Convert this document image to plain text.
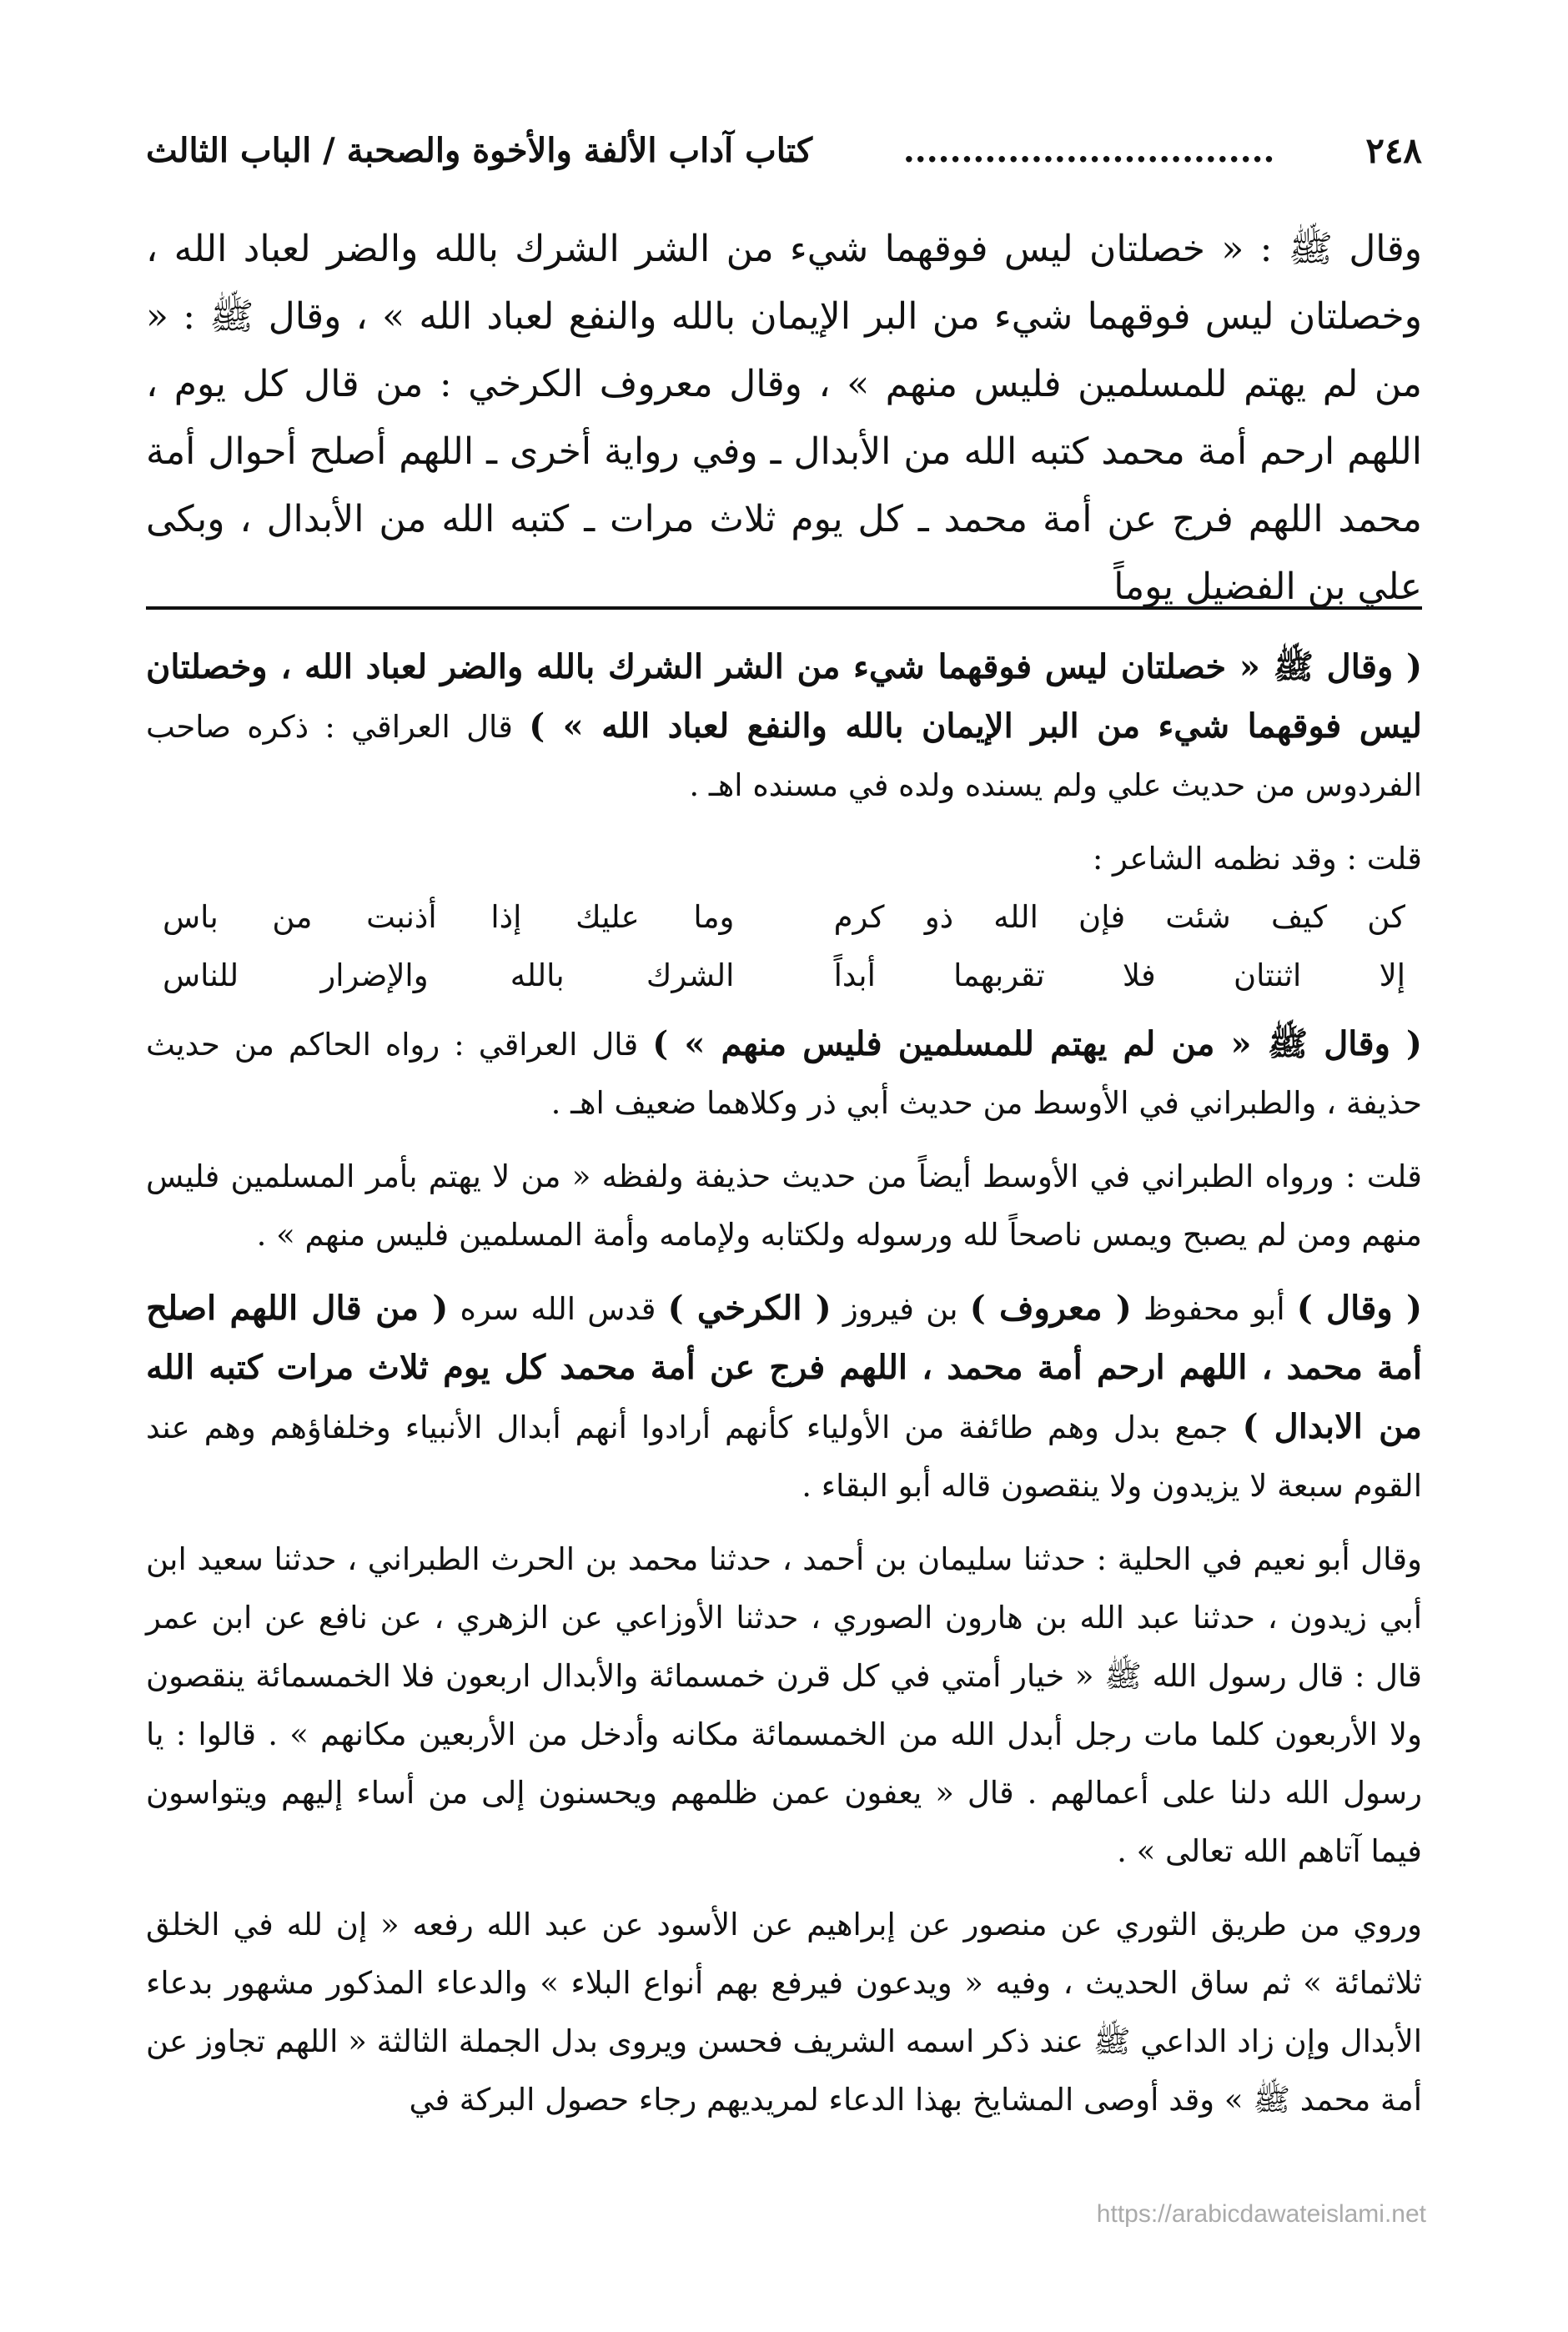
٢٤٨
................................
كتاب آداب الألفة والأخوة والصحبة / الباب الثالث

وقال ﷺ : « خصلتان ليس فوقهما شيء من الشر الشرك بالله والضر لعباد الله ، وخصلتان ليس فوقهما شيء من البر الإيمان بالله والنفع لعباد الله » ، وقال ﷺ : « من لم يهتم للمسلمين فليس منهم » ، وقال معروف الكرخي : من قال كل يوم ، اللهم ارحم أمة محمد كتبه الله من الأبدال ـ وفي رواية أخرى ـ اللهم أصلح أحوال أمة محمد اللهم فرج عن أمة محمد ـ كل يوم ثلاث مرات ـ كتبه الله من الأبدال ، وبكى علي بن الفضيل يوماً

( وقال ﷺ « خصلتان ليس فوقهما شيء من الشر الشرك بالله والضر لعباد الله ، وخصلتان ليس فوقهما شيء من البر الإيمان بالله والنفع لعباد الله » ) قال العراقي : ذكره صاحب الفردوس من حديث علي ولم يسنده ولده في مسنده اهـ .

قلت : وقد نظمه الشاعر :

كن كيف شئت فإن الله ذو كرم
وما عليك إذا أذنبت من باس
إلا اثنتان فلا تقربهما أبداً
الشرك بالله والإضرار للناس

( وقال ﷺ « من لم يهتم للمسلمين فليس منهم » ) قال العراقي : رواه الحاكم من حديث حذيفة ، والطبراني في الأوسط من حديث أبي ذر وكلاهما ضعيف اهـ .

قلت : ورواه الطبراني في الأوسط أيضاً من حديث حذيفة ولفظه « من لا يهتم بأمر المسلمين فليس منهم ومن لم يصبح ويمس ناصحاً لله ورسوله ولكتابه ولإمامه وأمة المسلمين فليس منهم » .

( وقال ) أبو محفوظ ( معروف ) بن فيروز ( الكرخي ) قدس الله سره ( من قال اللهم اصلح أمة محمد ، اللهم ارحم أمة محمد ، اللهم فرج عن أمة محمد كل يوم ثلاث مرات كتبه الله من الابدال ) جمع بدل وهم طائفة من الأولياء كأنهم أرادوا أنهم أبدال الأنبياء وخلفاؤهم وهم عند القوم سبعة لا يزيدون ولا ينقصون قاله أبو البقاء .

وقال أبو نعيم في الحلية : حدثنا سليمان بن أحمد ، حدثنا محمد بن الحرث الطبراني ، حدثنا سعيد ابن أبي زيدون ، حدثنا عبد الله بن هارون الصوري ، حدثنا الأوزاعي عن الزهري ، عن نافع عن ابن عمر قال : قال رسول الله ﷺ « خيار أمتي في كل قرن خمسمائة والأبدال اربعون فلا الخمسمائة ينقصون ولا الأربعون كلما مات رجل أبدل الله من الخمسمائة مكانه وأدخل من الأربعين مكانهم » . قالوا : يا رسول الله دلنا على أعمالهم . قال « يعفون عمن ظلمهم ويحسنون إلى من أساء إليهم ويتواسون فيما آتاهم الله تعالى » .

وروي من طريق الثوري عن منصور عن إبراهيم عن الأسود عن عبد الله رفعه « إن لله في الخلق ثلاثمائة » ثم ساق الحديث ، وفيه « ويدعون فيرفع بهم أنواع البلاء » والدعاء المذكور مشهور بدعاء الأبدال وإن زاد الداعي ﷺ عند ذكر اسمه الشريف فحسن ويروى بدل الجملة الثالثة « اللهم تجاوز عن أمة محمد ﷺ » وقد أوصى المشايخ بهذا الدعاء لمريديهم رجاء حصول البركة في

https://arabicdawateislami.net
